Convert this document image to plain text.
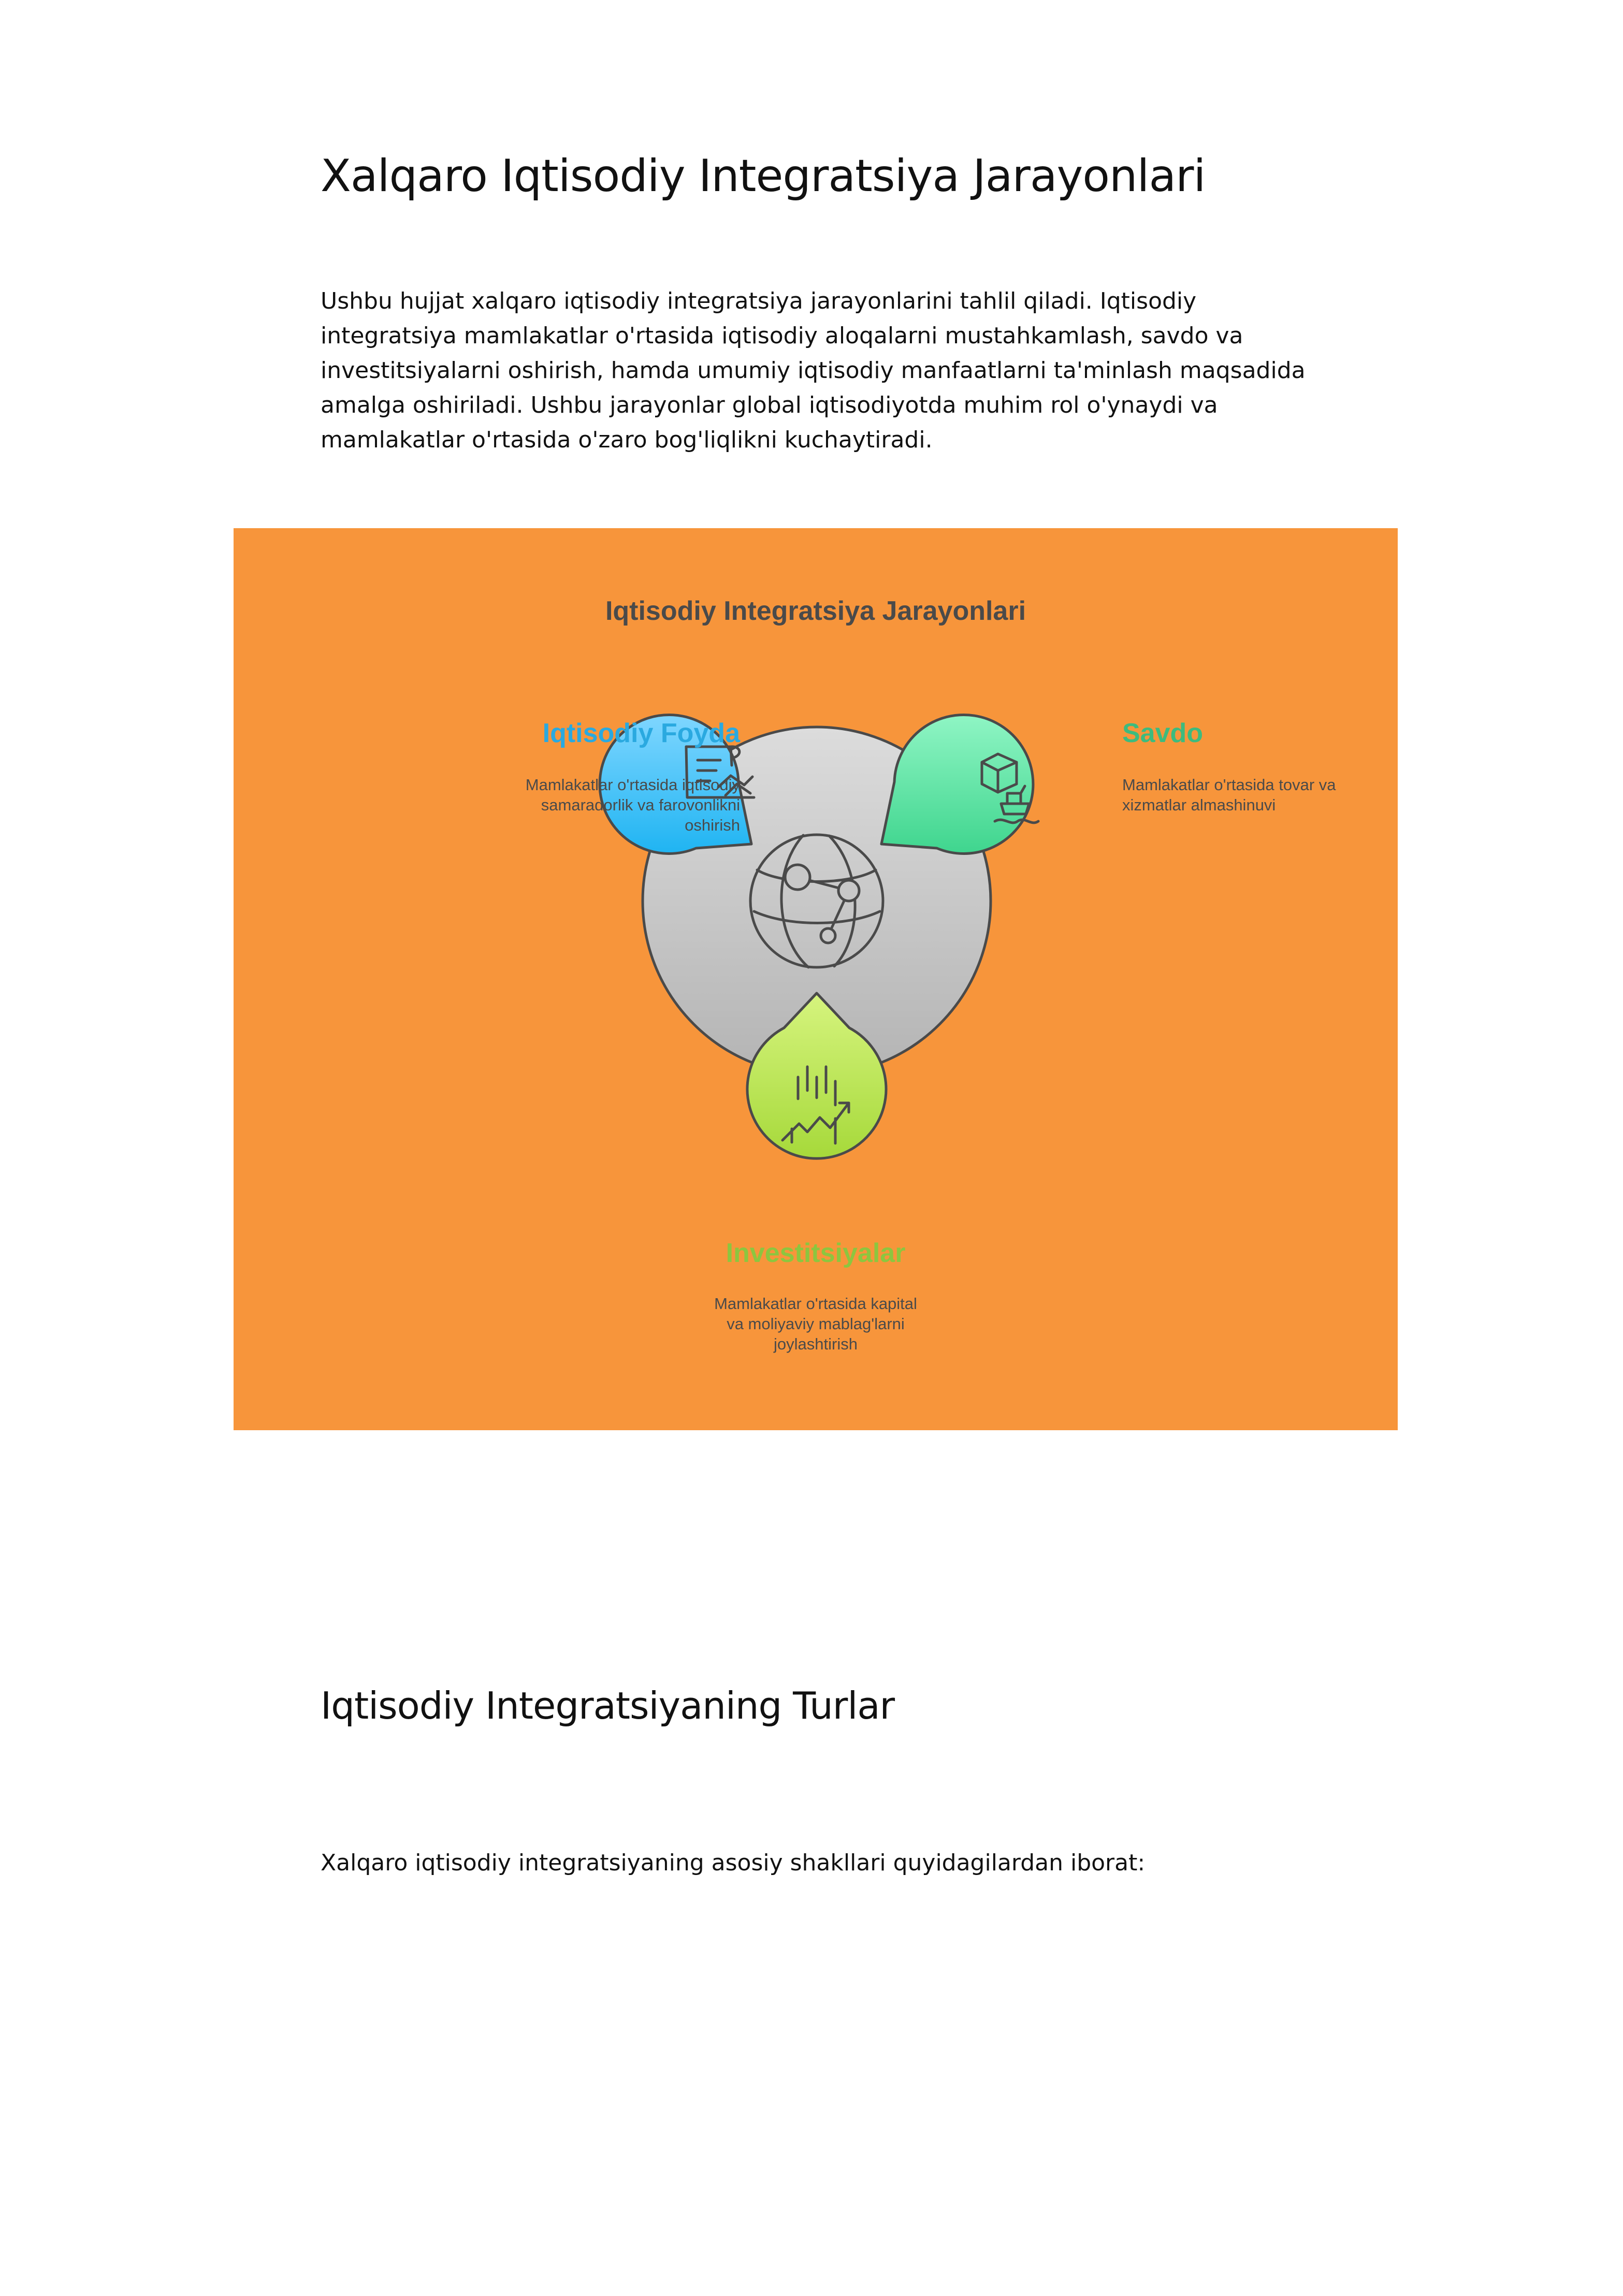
Xalqaro Iqtisodiy Integratsiya Jarayonlari

Ushbu hujjat xalqaro iqtisodiy integratsiya jarayonlarini tahlil qiladi. Iqtisodiy integratsiya mamlakatlar o'rtasida iqtisodiy aloqalarni mustahkamlash, savdo va investitsiyalarni oshirish, hamda umumiy iqtisodiy manfaatlarni ta'minlash maqsadida amalga oshiriladi. Ushbu jarayonlar global iqtisodiyotda muhim rol o'ynaydi va mamlakatlar o'rtasida o'zaro bog'liqlikni kuchaytiradi.

Iqtisodiy Integratsiya Jarayonlari
Iqtisodiy Foyda
Mamlakatlar o'rtasida iqtisodiy
samaradorlik va farovonlikni
oshirish
Savdo
Mamlakatlar o'rtasida tovar va
xizmatlar almashinuvi
Investitsiyalar
Mamlakatlar o'rtasida kapital
va moliyaviy mablag'larni
joylashtirish
Iqtisodiy Integratsiyaning Turlar

Xalqaro iqtisodiy integratsiyaning asosiy shakllari quyidagilardan iborat:
